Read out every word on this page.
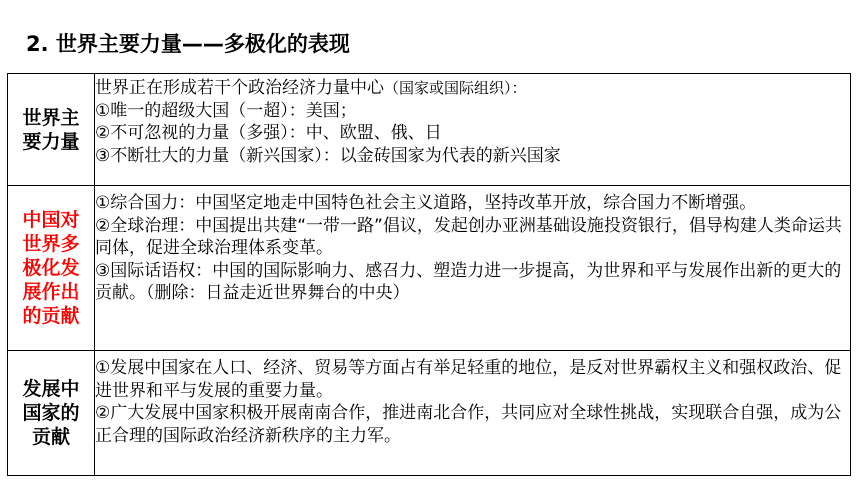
2. 世界主要力量——多极化的表现
世界主要力量	世界正在形成若干个政治经济力量中心（国家或国际组织）：
①唯一的超级大国（一超）：美国；
②不可忽视的力量（多强）：中、欧盟、俄、日
③不断壮大的力量（新兴国家）：以金砖国家为代表的新兴国家

中国对世界多极化发展作出的贡献	①综合国力：中国坚定地走中国特色社会主义道路，坚持改革开放，综合国力不断增强。
②全球治理：中国提出共建“一带一路”倡议，发起创办亚洲基础设施投资银行，倡导构建人类命运共同体，促进全球治理体系变革。
③国际话语权：中国的国际影响力、感召力、塑造力进一步提高，为世界和平与发展作出新的更大的贡献。（删除：日益走近世界舞台的中央）

发展中国家的贡献	①发展中国家在人口、经济、贸易等方面占有举足轻重的地位，是反对世界霸权主义和强权政治、促进世界和平与发展的重要力量。
②广大发展中国家积极开展南南合作，推进南北合作，共同应对全球性挑战，实现联合自强，成为公正合理的国际政治经济新秩序的主力军。
